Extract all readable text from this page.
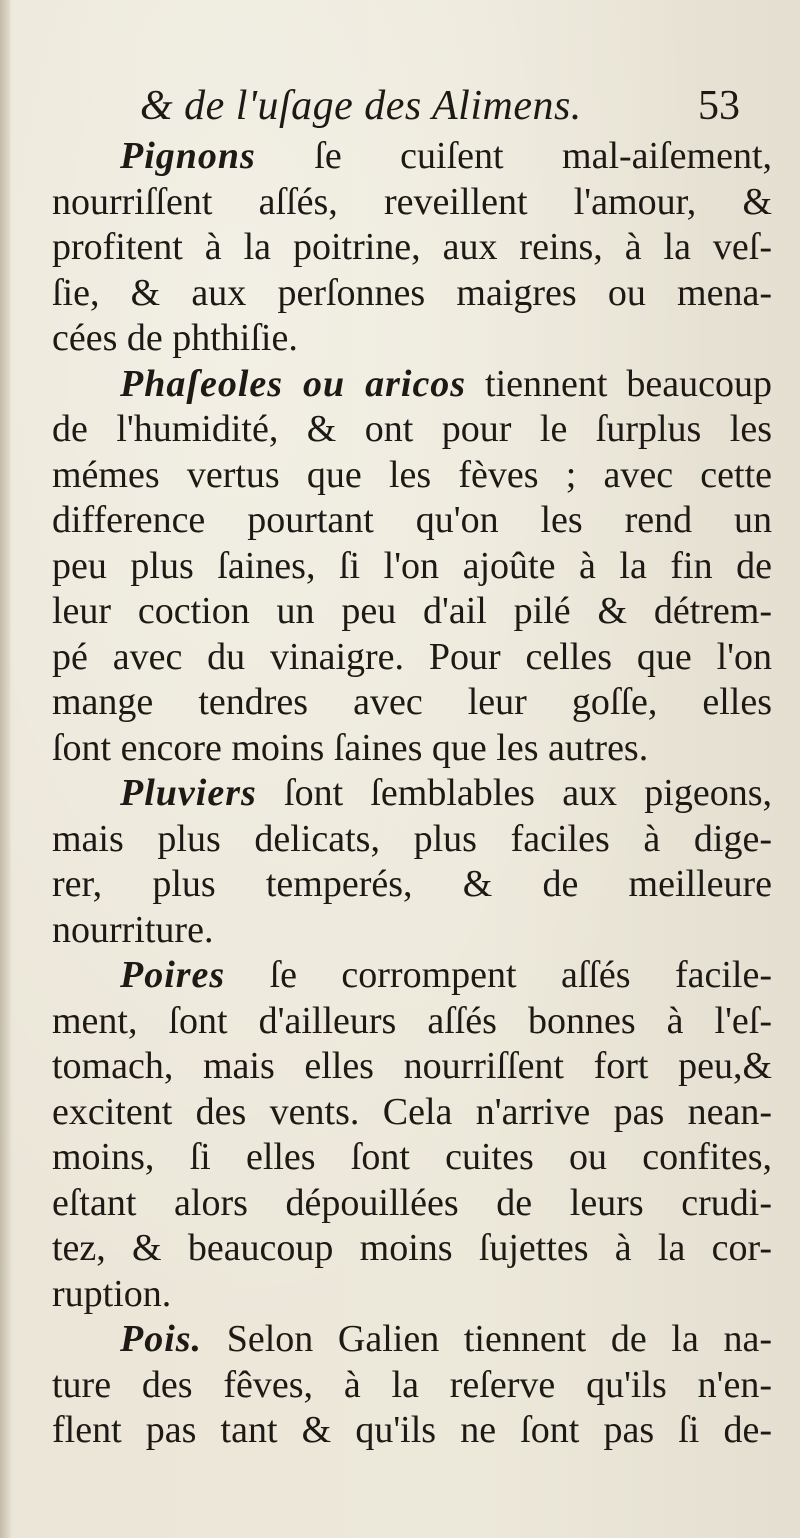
& de l'uſage des Alimens.	53
Pignons ſe cuiſent mal-aiſement,
nourriſſent aſſés, reveillent l'amour, &
profitent à la poitrine, aux reins, à la veſ-
ſie, & aux perſonnes maigres ou mena-
cées de phthiſie.
Phaſeoles ou aricos tiennent beaucoup
de l'humidité, & ont pour le ſurplus les
mémes vertus que les fèves ; avec cette
difference pourtant qu'on les rend un
peu plus ſaines, ſi l'on ajoûte à la fin de
leur coction un peu d'ail pilé & détrem-
pé avec du vinaigre. Pour celles que l'on
mange tendres avec leur goſſe, elles
ſont encore moins ſaines que les autres.
Pluviers ſont ſemblables aux pigeons,
mais plus delicats, plus faciles à dige-
rer, plus temperés, & de meilleure
nourriture.
Poires ſe corrompent aſſés facile-
ment, ſont d'ailleurs aſſés bonnes à l'eſ-
tomach, mais elles nourriſſent fort peu,&
excitent des vents. Cela n'arrive pas nean-
moins, ſi elles ſont cuites ou confites,
eſtant alors dépouillées de leurs crudi-
tez, & beaucoup moins ſujettes à la cor-
ruption.
Pois. Selon Galien tiennent de la na-
ture des fêves, à la reſerve qu'ils n'en-
flent pas tant & qu'ils ne ſont pas ſi de-
